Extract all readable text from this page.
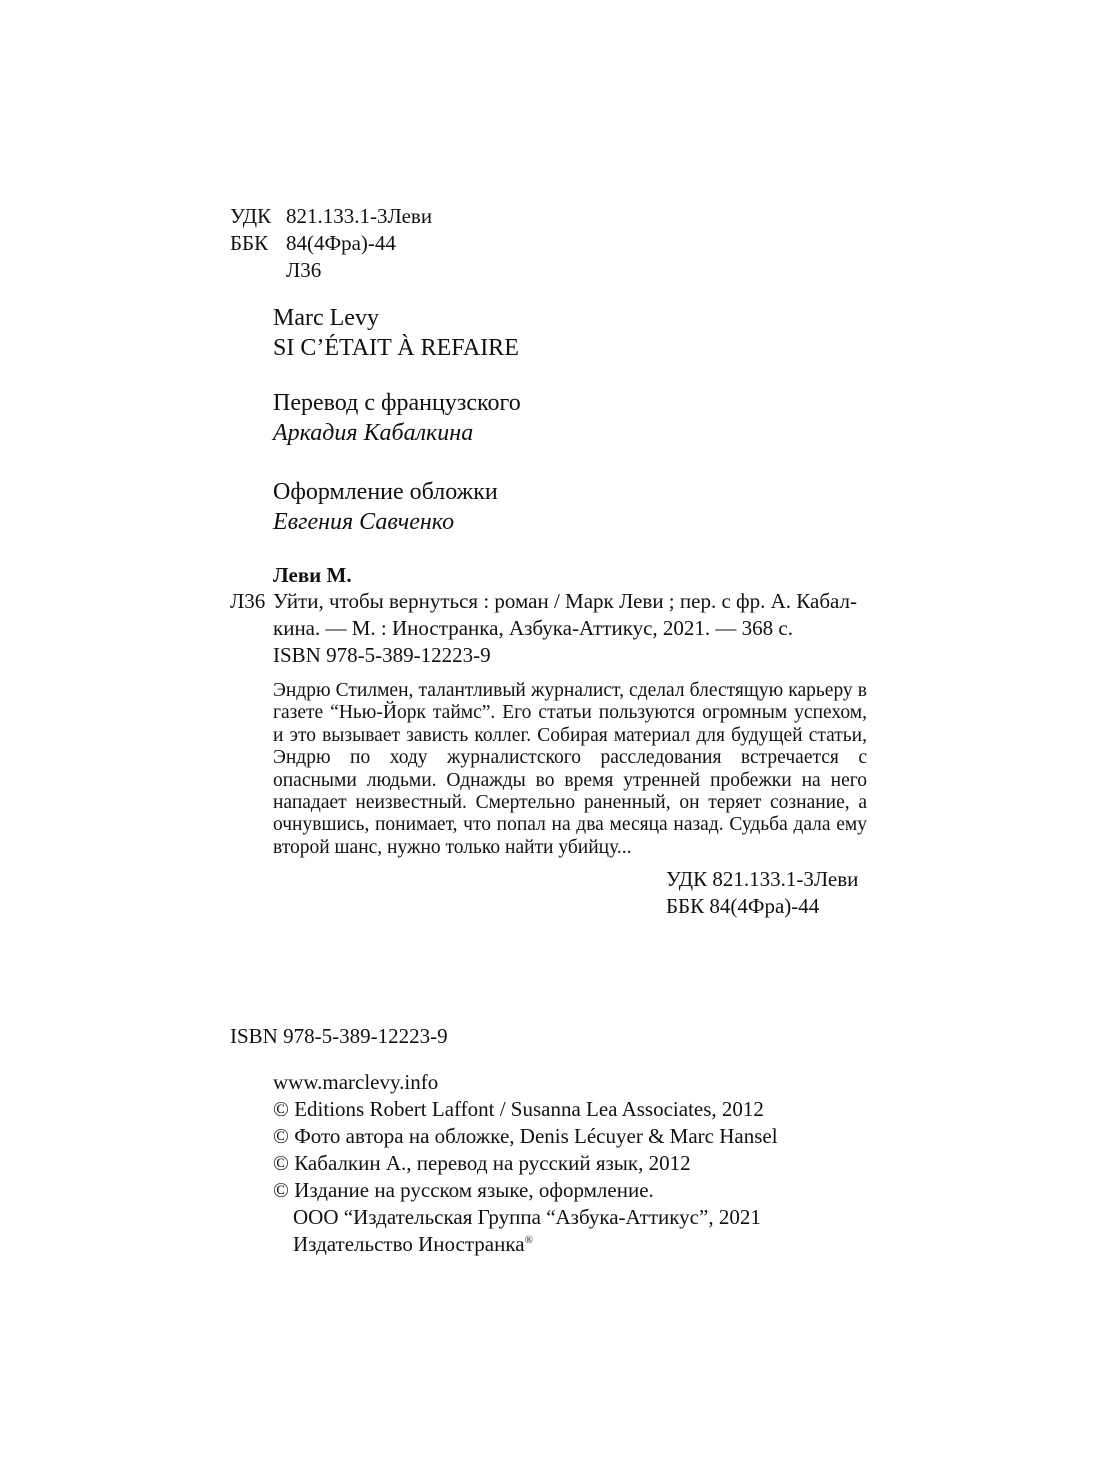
УДК 821.133.1-3Леви
ББК 84(4Фра)-44
Л36
Marc Levy
SI C’ÉTAIT À REFAIRE
Перевод с французского
Аркадия Кабалкина
Оформление обложки
Евгения Савченко
Леви М.
Л36 Уйти, чтобы вернуться : роман / Марк Леви ; пер. с фр. А. Кабал-
кина. — М. : Иностранка, Азбука-Аттикус, 2021. — 368 с.
ISBN 978-5-389-12223-9
Эндрю Стилмен, талантливый журналист, сделал блестящую карьеру в газете “Нью-Йорк таймс”. Его статьи пользуются огромным успехом, и это вызывает зависть коллег. Собирая материал для будущей статьи, Эндрю по ходу журналистского расследования встречается с опасными людьми. Однажды во время утренней пробежки на него нападает неизвестный. Смертельно раненный, он теряет сознание, а очнувшись, понимает, что попал на два месяца назад. Судьба дала ему второй шанс, нужно только найти убийцу...
УДК 821.133.1-3Леви
ББК 84(4Фра)-44
ISBN 978-5-389-12223-9
www.marclevy.info
© Editions Robert Laffont / Susanna Lea Associates, 2012
© Фото автора на обложке, Denis Lécuyer & Marc Hansel
© Кабалкин А., перевод на русский язык, 2012
© Издание на русском языке, оформление.
ООО “Издательская Группа “Азбука-Аттикус”, 2021
Издательство Иностранка®
